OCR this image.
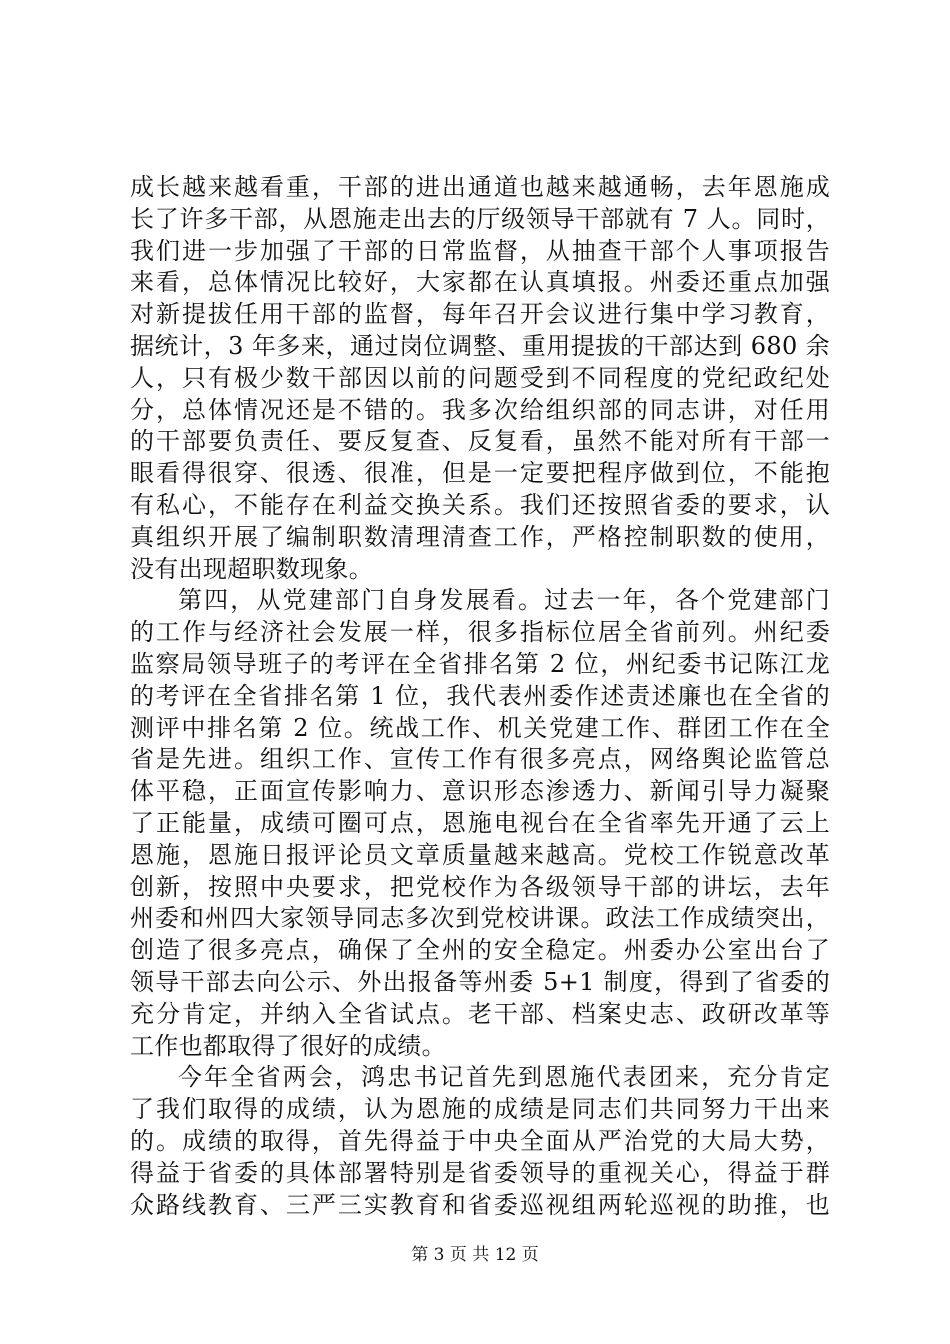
成长越来越看重，干部的进出通道也越来越通畅，去年恩施成
长了许多干部，从恩施走出去的厅级领导干部就有 7 人。同时，
我们进一步加强了干部的日常监督，从抽查干部个人事项报告
来看，总体情况比较好，大家都在认真填报。州委还重点加强
对新提拔任用干部的监督，每年召开会议进行集中学习教育，
据统计，3 年多来，通过岗位调整、重用提拔的干部达到 680 余
人，只有极少数干部因以前的问题受到不同程度的党纪政纪处
分，总体情况还是不错的。我多次给组织部的同志讲，对任用
的干部要负责任、要反复查、反复看，虽然不能对所有干部一
眼看得很穿、很透、很准，但是一定要把程序做到位，不能抱
有私心，不能存在利益交换关系。我们还按照省委的要求，认
真组织开展了编制职数清理清查工作，严格控制职数的使用，
没有出现超职数现象。
第四，从党建部门自身发展看。过去一年，各个党建部门
的工作与经济社会发展一样，很多指标位居全省前列。州纪委
监察局领导班子的考评在全省排名第 2 位，州纪委书记陈江龙
的考评在全省排名第 1 位，我代表州委作述责述廉也在全省的
测评中排名第 2 位。统战工作、机关党建工作、群团工作在全
省是先进。组织工作、宣传工作有很多亮点，网络舆论监管总
体平稳，正面宣传影响力、意识形态渗透力、新闻引导力凝聚
了正能量，成绩可圈可点，恩施电视台在全省率先开通了云上
恩施，恩施日报评论员文章质量越来越高。党校工作锐意改革
创新，按照中央要求，把党校作为各级领导干部的讲坛，去年
州委和州四大家领导同志多次到党校讲课。政法工作成绩突出，
创造了很多亮点，确保了全州的安全稳定。州委办公室出台了
领导干部去向公示、外出报备等州委 5+1 制度，得到了省委的
充分肯定，并纳入全省试点。老干部、档案史志、政研改革等
工作也都取得了很好的成绩。
今年全省两会，鸿忠书记首先到恩施代表团来，充分肯定
了我们取得的成绩，认为恩施的成绩是同志们共同努力干出来
的。成绩的取得，首先得益于中央全面从严治党的大局大势，
得益于省委的具体部署特别是省委领导的重视关心，得益于群
众路线教育、三严三实教育和省委巡视组两轮巡视的助推，也
第 3 页 共 12 页
